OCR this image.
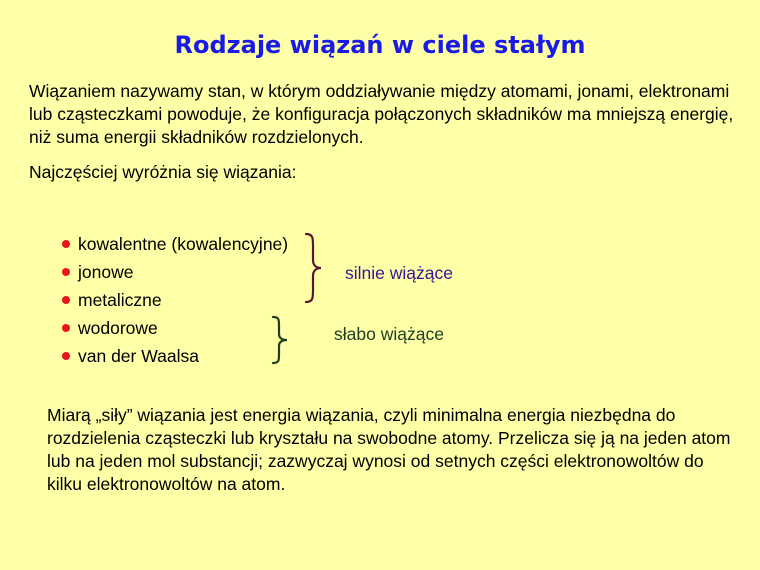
Rodzaje wiązań w ciele stałym

Wiązaniem nazywamy stan, w którym oddziaływanie między atomami, jonami, elektronami lub cząsteczkami powoduje, że konfiguracja połączonych składników ma mniejszą energię, niż suma energii składników rozdzielonych.

Najczęściej wyróżnia się wiązania:

kowalentne (kowalencyjne)
jonowe
metaliczne
wodorowe
van der Waalsa
silnie wiążące
słabo wiążące

Miarą „siły” wiązania jest energia wiązania, czyli minimalna energia niezbędna do rozdzielenia cząsteczki lub kryształu na swobodne atomy. Przelicza się ją na jeden atom lub na jeden mol substancji; zazwyczaj wynosi od setnych części elektronowoltów do kilku elektronowoltów na atom.
